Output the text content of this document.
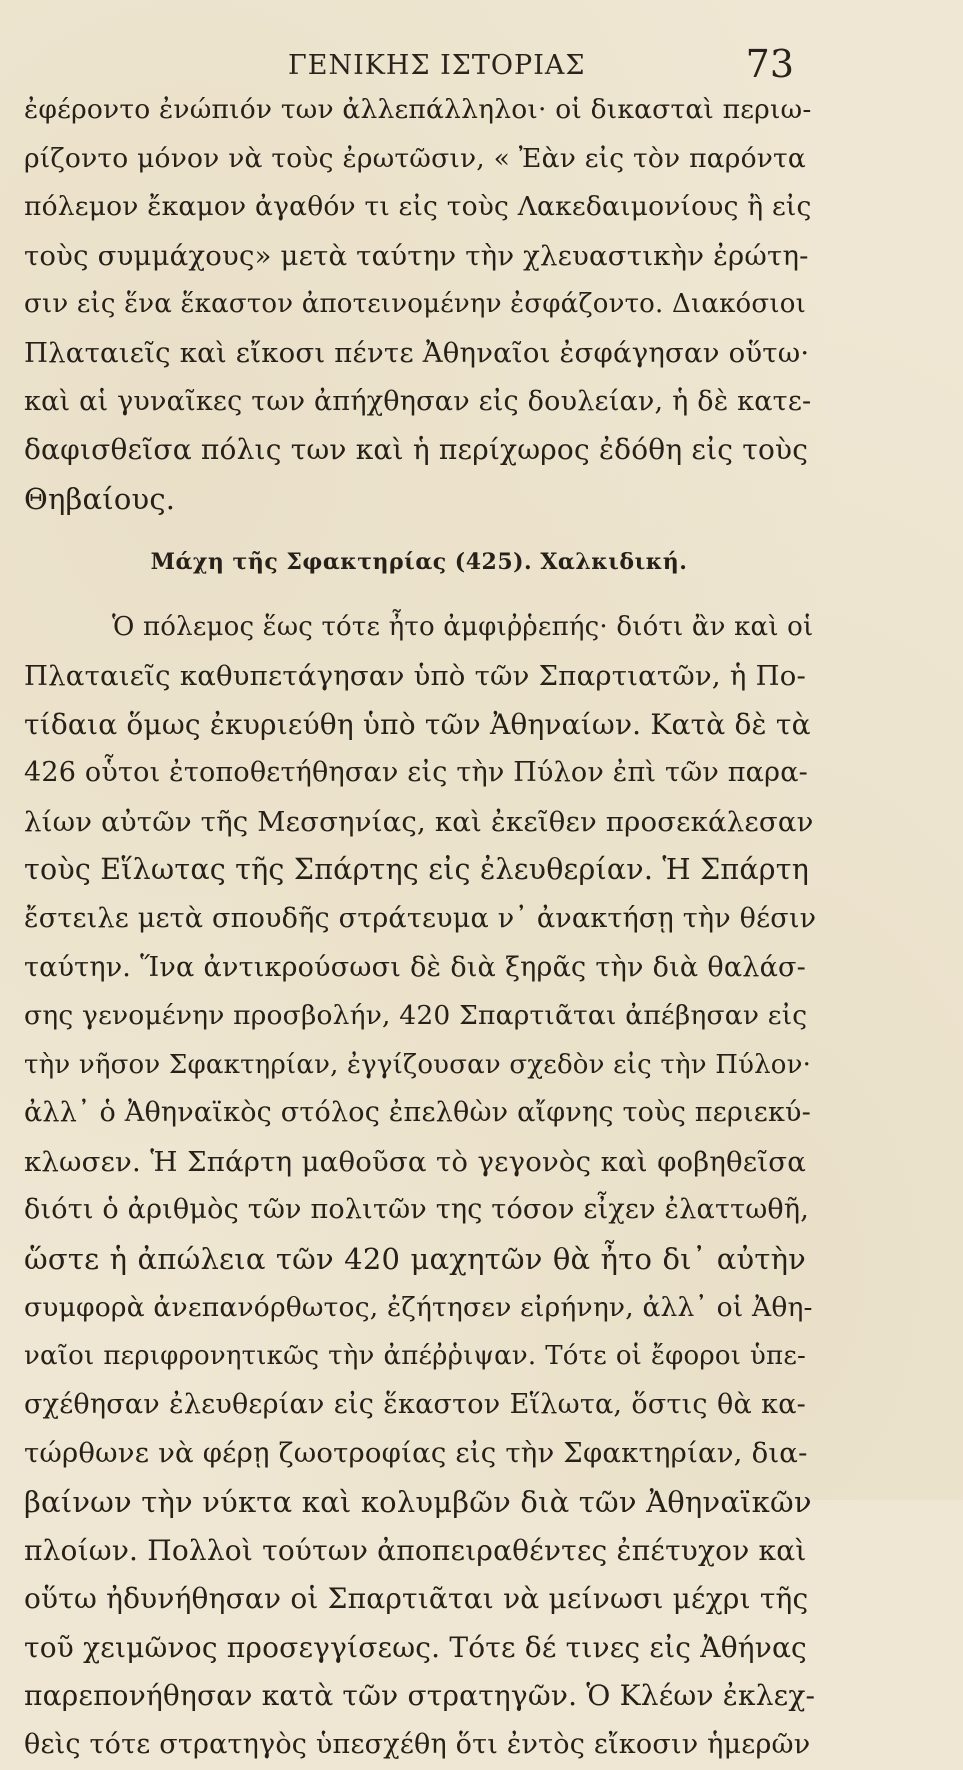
ΓΕΝΙΚΗΣ ΙΣΤΟΡΙΑΣ	73
ἐφέροντο ἐνώπιόν των ἀλλεπάλληλοι· οἱ δικασταὶ περιω-
ρίζοντο μόνον νὰ τοὺς ἐρωτῶσιν, « Ἐὰν εἰς τὸν παρόντα
πόλεμον ἔκαμον ἀγαθόν τι εἰς τοὺς Λακεδαιμονίους ἢ εἰς
τοὺς συμμάχους» μετὰ ταύτην τὴν χλευαστικὴν ἐρώτη-
σιν εἰς ἕνα ἕκαστον ἀποτεινομένην ἐσφάζοντο. Διακόσιοι
Πλαταιεῖς καὶ εἴκοσι πέντε Ἀθηναῖοι ἐσφάγησαν οὕτω·
καὶ αἱ γυναῖκες των ἀπήχθησαν εἰς δουλείαν, ἡ δὲ κατε-
δαφισθεῖσα πόλις των καὶ ἡ περίχωρος ἐδόθη εἰς τοὺς
Θηβαίους.
Μάχη τῆς Σφακτηρίας (425). Χαλκιδική.
Ὁ πόλεμος ἕως τότε ἦτο ἀμφιῤῥεπής· διότι ἂν καὶ οἱ
Πλαταιεῖς καθυπετάγησαν ὑπὸ τῶν Σπαρτιατῶν, ἡ Πο-
τίδαια ὅμως ἐκυριεύθη ὑπὸ τῶν Ἀθηναίων. Κατὰ δὲ τὰ
426 οὗτοι ἐτοποθετήθησαν εἰς τὴν Πύλον ἐπὶ τῶν παρα-
λίων αὐτῶν τῆς Μεσσηνίας, καὶ ἐκεῖθεν προσεκάλεσαν
τοὺς Εἵλωτας τῆς Σπάρτης εἰς ἐλευθερίαν. Ἡ Σπάρτη
ἔστειλε μετὰ σπουδῆς στράτευμα ν᾽ ἀνακτήσῃ τὴν θέσιν
ταύτην. Ἵνα ἀντικρούσωσι δὲ διὰ ξηρᾶς τὴν διὰ θαλάσ-
σης γενομένην προσβολήν, 420 Σπαρτιᾶται ἀπέβησαν εἰς
τὴν νῆσον Σφακτηρίαν, ἐγγίζουσαν σχεδὸν εἰς τὴν Πύλον·
ἀλλ᾽ ὁ Ἀθηναϊκὸς στόλος ἐπελθὼν αἴφνης τοὺς περιεκύ-
κλωσεν. Ἡ Σπάρτη μαθοῦσα τὸ γεγονὸς καὶ φοβηθεῖσα
διότι ὁ ἀριθμὸς τῶν πολιτῶν της τόσον εἶχεν ἐλαττωθῆ,
ὥστε ἡ ἀπώλεια τῶν 420 μαχητῶν θὰ ἦτο δι᾽ αὐτὴν
συμφορὰ ἀνεπανόρθωτος, ἐζήτησεν εἰρήνην, ἀλλ᾽ οἱ Ἀθη-
ναῖοι περιφρονητικῶς τὴν ἀπέῤῥιψαν. Τότε οἱ ἔφοροι ὑπε-
σχέθησαν ἐλευθερίαν εἰς ἕκαστον Εἵλωτα, ὅστις θὰ κα-
τώρθωνε νὰ φέρῃ ζωοτροφίας εἰς τὴν Σφακτηρίαν, δια-
βαίνων τὴν νύκτα καὶ κολυμβῶν διὰ τῶν Ἀθηναϊκῶν
πλοίων. Πολλοὶ τούτων ἀποπειραθέντες ἐπέτυχον καὶ
οὕτω ἠδυνήθησαν οἱ Σπαρτιᾶται νὰ μείνωσι μέχρι τῆς
τοῦ χειμῶνος προσεγγίσεως. Τότε δέ τινες εἰς Ἀθήνας
παρεπονήθησαν κατὰ τῶν στρατηγῶν. Ὁ Κλέων ἐκλεχ-
θεὶς τότε στρατηγὸς ὑπεσχέθη ὅτι ἐντὸς εἴκοσιν ἡμερῶν
